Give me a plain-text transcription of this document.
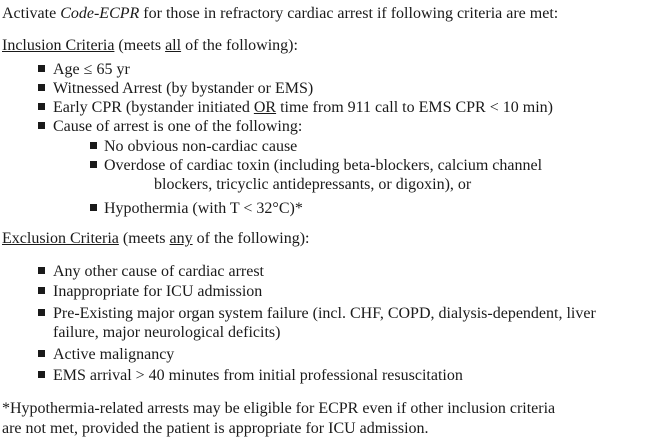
Activate Code-ECPR for those in refractory cardiac arrest if following criteria are met:
Inclusion Criteria (meets all of the following):
Age ≤ 65 yr
Witnessed Arrest (by bystander or EMS)
Early CPR (bystander initiated OR time from 911 call to EMS CPR < 10 min)
Cause of arrest is one of the following:
No obvious non-cardiac cause
Overdose of cardiac toxin (including beta-blockers, calcium channel
blockers, tricyclic antidepressants, or digoxin), or
Hypothermia (with T < 32°C)*
Exclusion Criteria (meets any of the following):
Any other cause of cardiac arrest
Inappropriate for ICU admission
Pre-Existing major organ system failure (incl. CHF, COPD, dialysis-dependent, liver
failure, major neurological deficits)
Active malignancy
EMS arrival > 40 minutes from initial professional resuscitation
*Hypothermia-related arrests may be eligible for ECPR even if other inclusion criteria
are not met, provided the patient is appropriate for ICU admission.
